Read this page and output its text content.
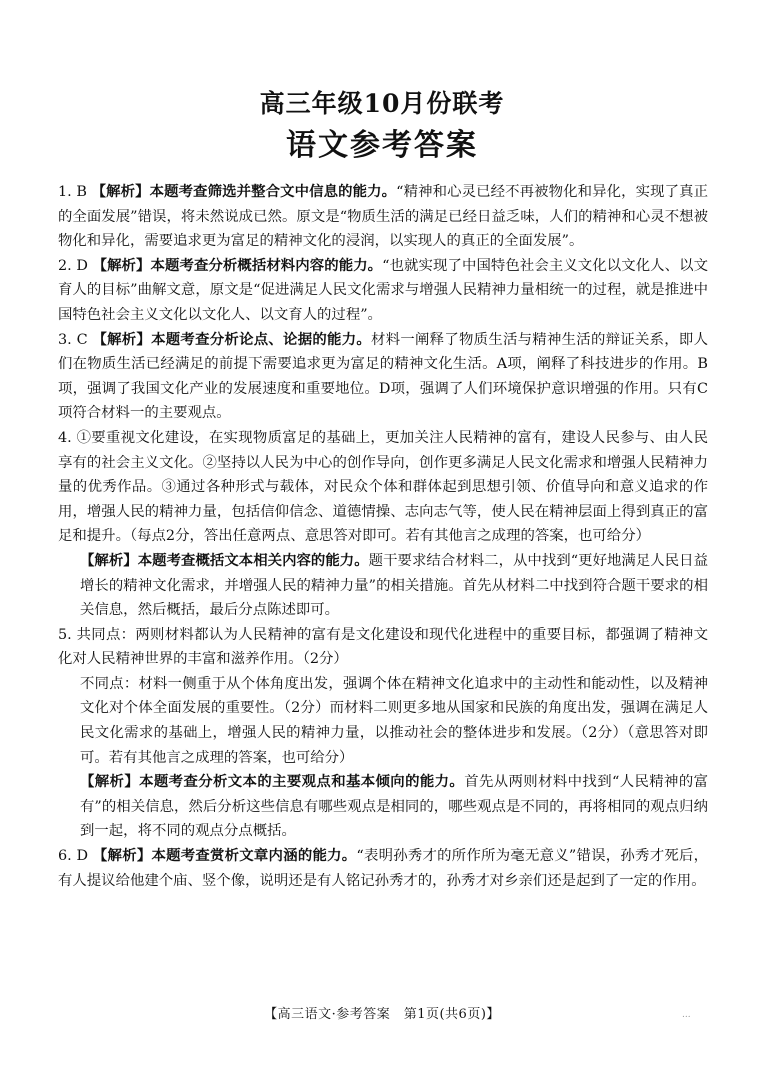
高三年级10月份联考
语文参考答案

1. B 【解析】本题考查筛选并整合文中信息的能力。“精神和心灵已经不再被物化和异化，实现了真正的全面发展”错误，将未然说成已然。原文是“物质生活的满足已经日益乏味，人们的精神和心灵不想被物化和异化，需要追求更为富足的精神文化的浸润，以实现人的真正的全面发展”。

2. D 【解析】本题考查分析概括材料内容的能力。“也就实现了中国特色社会主义文化以文化人、以文育人的目标”曲解文意，原文是“促进满足人民文化需求与增强人民精神力量相统一的过程，就是推进中国特色社会主义文化以文化人、以文育人的过程”。

3. C 【解析】本题考查分析论点、论据的能力。材料一阐释了物质生活与精神生活的辩证关系，即人们在物质生活已经满足的前提下需要追求更为富足的精神文化生活。A项，阐释了科技进步的作用。B项，强调了我国文化产业的发展速度和重要地位。D项，强调了人们环境保护意识增强的作用。只有C项符合材料一的主要观点。

4. ①要重视文化建设，在实现物质富足的基础上，更加关注人民精神的富有，建设人民参与、由人民享有的社会主义文化。②坚持以人民为中心的创作导向，创作更多满足人民文化需求和增强人民精神力量的优秀作品。③通过各种形式与载体，对民众个体和群体起到思想引领、价值导向和意义追求的作用，增强人民的精神力量，包括信仰信念、道德情操、志向志气等，使人民在精神层面上得到真正的富足和提升。（每点2分，答出任意两点、意思答对即可。若有其他言之成理的答案，也可给分）

【解析】本题考查概括文本相关内容的能力。题干要求结合材料二，从中找到“更好地满足人民日益增长的精神文化需求，并增强人民的精神力量”的相关措施。首先从材料二中找到符合题干要求的相关信息，然后概括，最后分点陈述即可。

5. 共同点：两则材料都认为人民精神的富有是文化建设和现代化进程中的重要目标，都强调了精神文化对人民精神世界的丰富和滋养作用。（2分）

不同点：材料一侧重于从个体角度出发，强调个体在精神文化追求中的主动性和能动性，以及精神文化对个体全面发展的重要性。（2分）而材料二则更多地从国家和民族的角度出发，强调在满足人民文化需求的基础上，增强人民的精神力量，以推动社会的整体进步和发展。（2分）（意思答对即可。若有其他言之成理的答案，也可给分）

【解析】本题考查分析文本的主要观点和基本倾向的能力。首先从两则材料中找到“人民精神的富有”的相关信息，然后分析这些信息有哪些观点是相同的，哪些观点是不同的，再将相同的观点归纳到一起，将不同的观点分点概括。

6. D 【解析】本题考查赏析文章内涵的能力。“表明孙秀才的所作所为毫无意义”错误，孙秀才死后，有人提议给他建个庙、竖个像，说明还是有人铭记孙秀才的，孙秀才对乡亲们还是起到了一定的作用。

【高三语文·参考答案　第1页(共6页)】	...
